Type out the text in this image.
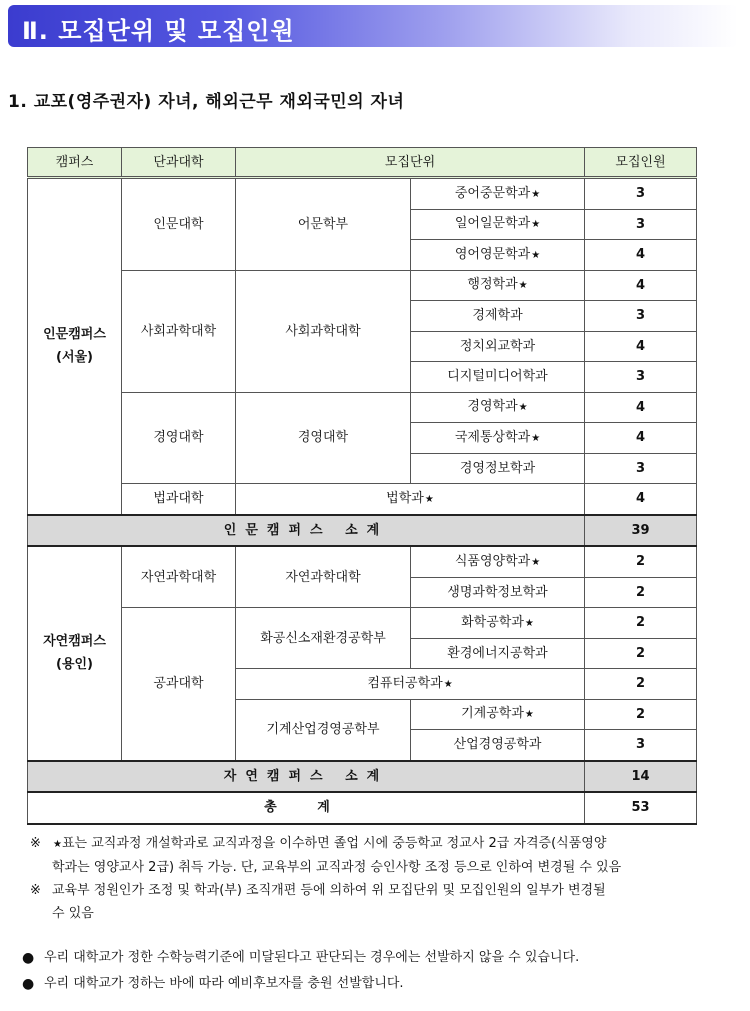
Ⅱ. 모집단위 및 모집인원
1. 교포(영주권자) 자녀, 해외근무 재외국민의 자녀
캠퍼스	단과대학	모집단위		모집인원

인문캠퍼스
(서울)	인문대학	어문학부	중어중문학과★	3
			일어일문학과★	3
			영어영문학과★	4
	사회과학대학	사회과학대학	행정학과★	4
			경제학과	3
			정치외교학과	4
			디지털미디어학과	3
	경영대학	경영대학	경영학과★	4
			국제통상학과★	4
			경영정보학과	3
	법과대학	법학과★		4
인문캠퍼스 소계				39

자연캠퍼스
(용인)	자연과학대학	자연과학대학	식품영양학과★	2
			생명과학정보학과	2
	공과대학	화공신소재환경공학부	화학공학과★	2
			환경에너지공학과	2
		컴퓨터공학과★		2
		기계산업경영공학부	기계공학과★	2
			산업경영공학과	3
자연캠퍼스 소계				14
총 계				53
※ ★표는 교직과정 개설학과로 교직과정을 이수하면 졸업 시에 중등학교 정교사 2급 자격증(식품영양
학과는 영양교사 2급) 취득 가능. 단, 교육부의 교직과정 승인사항 조정 등으로 인하여 변경될 수 있음
※ 교육부 정원인가 조정 및 학과(부) 조직개편 등에 의하여 위 모집단위 및 모집인원의 일부가 변경될
수 있음
● 우리 대학교가 정한 수학능력기준에 미달된다고 판단되는 경우에는 선발하지 않을 수 있습니다.
● 우리 대학교가 정하는 바에 따라 예비후보자를 충원 선발합니다.
